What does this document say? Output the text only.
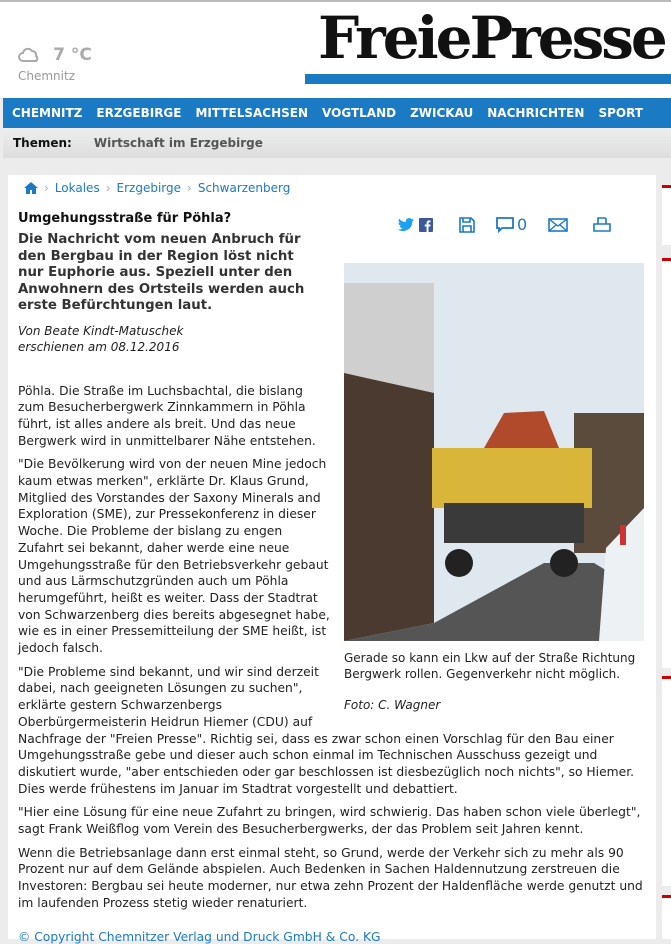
7 °C
Chemnitz
FreiePresse
CHEMNITZ ERZGEBIRGE MITTELSACHSEN VOGTLAND ZWICKAU NACHRICHTEN SPORT
Themen: Wirtschaft im Erzgebirge
› Lokales › Erzgebirge › Schwarzenberg
0
Umgehungsstraße für Pöhla?
Die Nachricht vom neuen Anbruch für den Bergbau in der Region löst nicht nur Euphorie aus. Speziell unter den Anwohnern des Ortsteils werden auch erste Befürchtungen laut.
Von Beate Kindt-Matuschek
erschienen am 08.12.2016
Gerade so kann ein Lkw auf der Straße Richtung Bergwerk rollen. Gegenverkehr nicht möglich.
Foto: C. Wagner

Pöhla. Die Straße im Luchsbachtal, die bislang zum Besucherbergwerk Zinnkammern in Pöhla führt, ist alles andere als breit. Und das neue Bergwerk wird in unmittelbarer Nähe entstehen.

"Die Bevölkerung wird von der neuen Mine jedoch kaum etwas merken", erklärte Dr. Klaus Grund, Mitglied des Vorstandes der Saxony Minerals and Exploration (SME), zur Pressekonferenz in dieser Woche. Die Probleme der bislang zu engen Zufahrt sei bekannt, daher werde eine neue Umgehungsstraße für den Betriebsverkehr gebaut und aus Lärmschutzgründen auch um Pöhla herumgeführt, heißt es weiter. Dass der Stadtrat von Schwarzenberg dies bereits abgesegnet habe, wie es in einer Pressemitteilung der SME heißt, ist jedoch falsch.

"Die Probleme sind bekannt, und wir sind derzeit dabei, nach geeigneten Lösungen zu suchen", erklärte gestern Schwarzenbergs Oberbürgermeisterin Heidrun Hiemer (CDU) auf Nachfrage der "Freien Presse". Richtig sei, dass es zwar schon einen Vorschlag für den Bau einer Umgehungsstraße gebe und dieser auch schon einmal im Technischen Ausschuss gezeigt und diskutiert wurde, "aber entschieden oder gar beschlossen ist diesbezüglich noch nichts", so Hiemer. Dies werde frühestens im Januar im Stadtrat vorgestellt und debattiert.

"Hier eine Lösung für eine neue Zufahrt zu bringen, wird schwierig. Das haben schon viele überlegt", sagt Frank Weißflog vom Verein des Besucherbergwerks, der das Problem seit Jahren kennt.

Wenn die Betriebsanlage dann erst einmal steht, so Grund, werde der Verkehr sich zu mehr als 90 Prozent nur auf dem Gelände abspielen. Auch Bedenken in Sachen Haldennutzung zerstreuen die Investoren: Bergbau sei heute moderner, nur etwa zehn Prozent der Haldenfläche werde genutzt und im laufenden Prozess stetig wieder renaturiert.

© Copyright Chemnitzer Verlag und Druck GmbH & Co. KG
